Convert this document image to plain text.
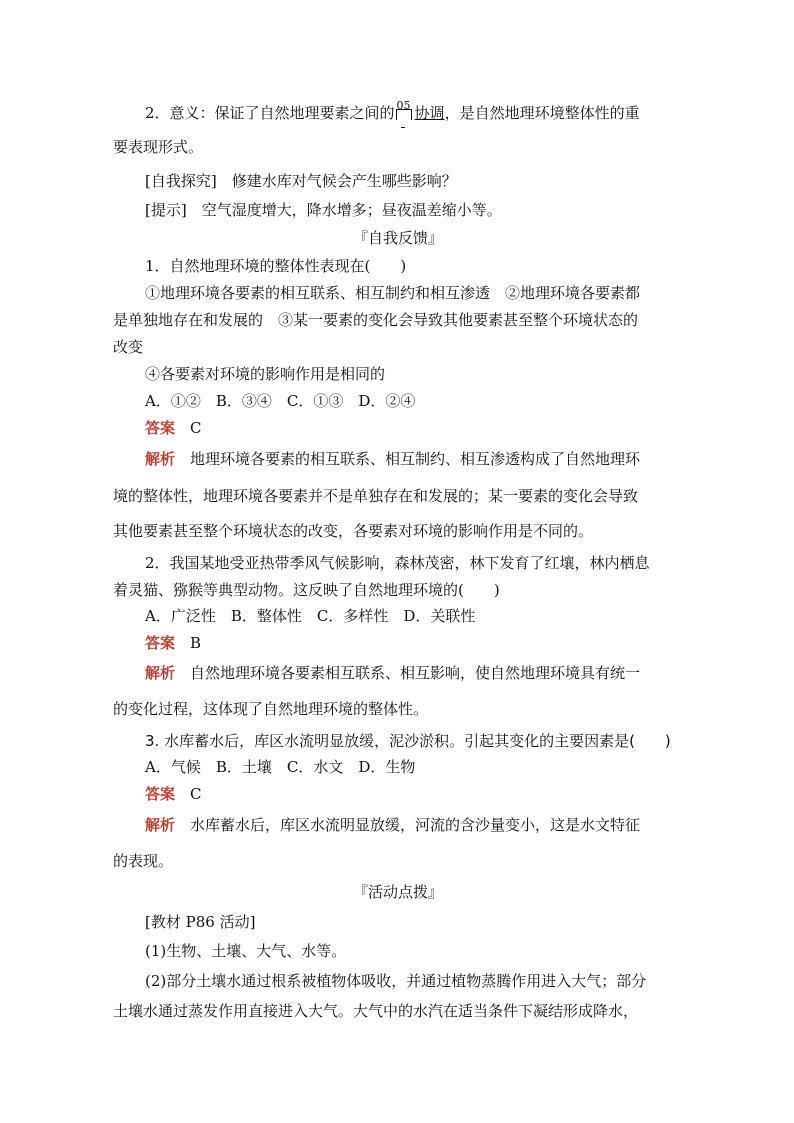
2．意义：保证了自然地理要素之间的 05 协调，是自然地理环境整体性的重
要表现形式。
[自我探究]　 修建水库对气候会产生哪些影响？
[提示]　 空气湿度增大，降水增多；昼夜温差缩小等。
『自我反馈』
1．自然地理环境的整体性表现在(　　)
①地理环境各要素的相互联系、相互制约和相互渗透　②地理环境各要素都
是单独地存在和发展的　③某一要素的变化会导致其他要素甚至整个环境状态的
改变
④各要素对环境的影响作用是相同的
A．①②　B．③④　C．①③　D．②④
答案　 C
解析　 地理环境各要素的相互联系、相互制约、相互渗透构成了自然地理环
境的整体性，地理环境各要素并不是单独存在和发展的；某一要素的变化会导致
其他要素甚至整个环境状态的改变，各要素对环境的影响作用是不同的。
2．我国某地受亚热带季风气候影响，森林茂密，林下发育了红壤，林内栖息
着灵猫、猕猴等典型动物。这反映了自然地理环境的(　　)
A．广泛性　B．整体性　C．多样性　D．关联性
答案　 B
解析　 自然地理环境各要素相互联系、相互影响，使自然地理环境具有统一
的变化过程，这体现了自然地理环境的整体性。
3. 水库蓄水后，库区水流明显放缓，泥沙淤积。引起其变化的主要因素是(　　)
A．气候　B．土壤　C．水文　D．生物
答案　 C
解析　 水库蓄水后，库区水流明显放缓，河流的含沙量变小，这是水文特征
的表现。
『活动点拨』
[教材 P86 活动]
(1)生物、土壤、大气、水等。
(2)部分土壤水通过根系被植物体吸收，并通过植物蒸腾作用进入大气；部分
土壤水通过蒸发作用直接进入大气。大气中的水汽在适当条件下凝结形成降水，
